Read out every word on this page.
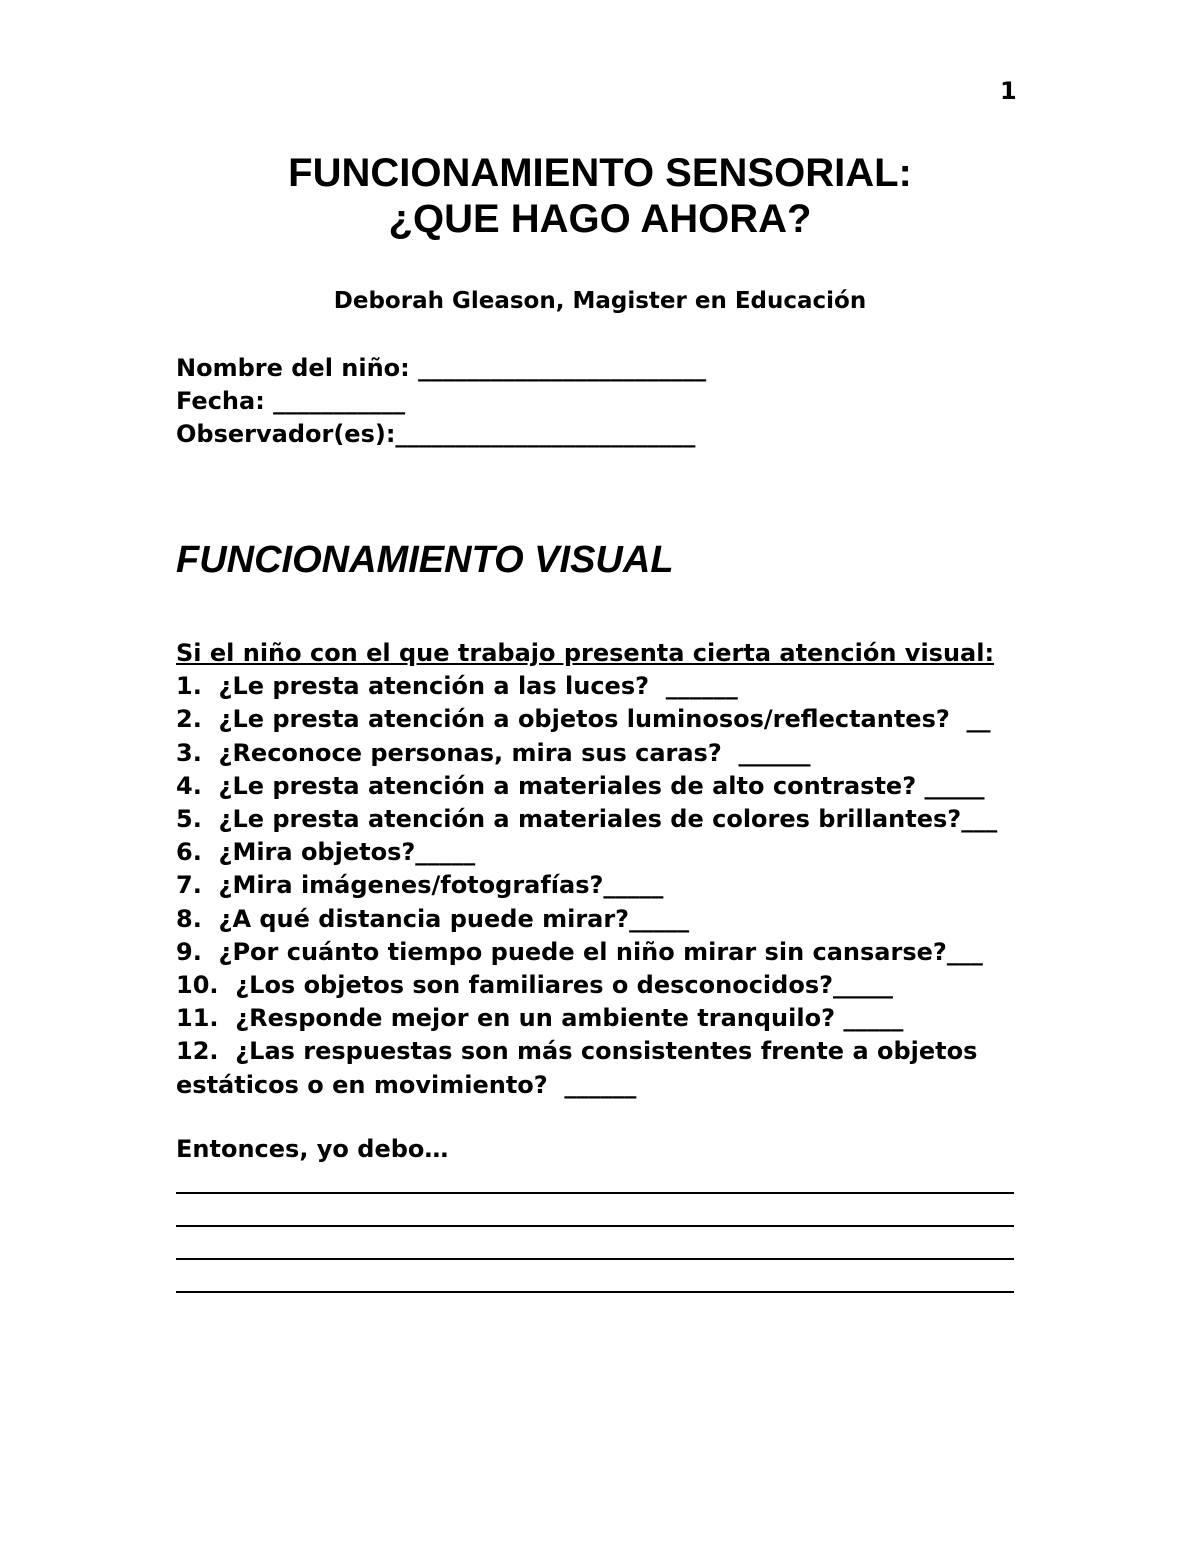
1
FUNCIONAMIENTO SENSORIAL:
¿QUE HAGO AHORA?
Deborah Gleason, Magister en Educación
Nombre del niño: ________________________
Fecha: ___________
Observador(es):_________________________
FUNCIONAMIENTO VISUAL
Si el niño con el que trabajo presenta cierta atención visual:
1.  ¿Le presta atención a las luces?  ______
2.  ¿Le presta atención a objetos luminosos/reflectantes?  __
3.  ¿Reconoce personas, mira sus caras?  ______
4.  ¿Le presta atención a materiales de alto contraste? _____
5.  ¿Le presta atención a materiales de colores brillantes?___
6.  ¿Mira objetos?_____
7.  ¿Mira imágenes/fotografías?_____
8.  ¿A qué distancia puede mirar?_____
9.  ¿Por cuánto tiempo puede el niño mirar sin cansarse?___
10.  ¿Los objetos son familiares o desconocidos?_____
11.  ¿Responde mejor en un ambiente tranquilo? _____
12.  ¿Las respuestas son más consistentes frente a objetos
estáticos o en movimiento?  ______
Entonces, yo debo…
